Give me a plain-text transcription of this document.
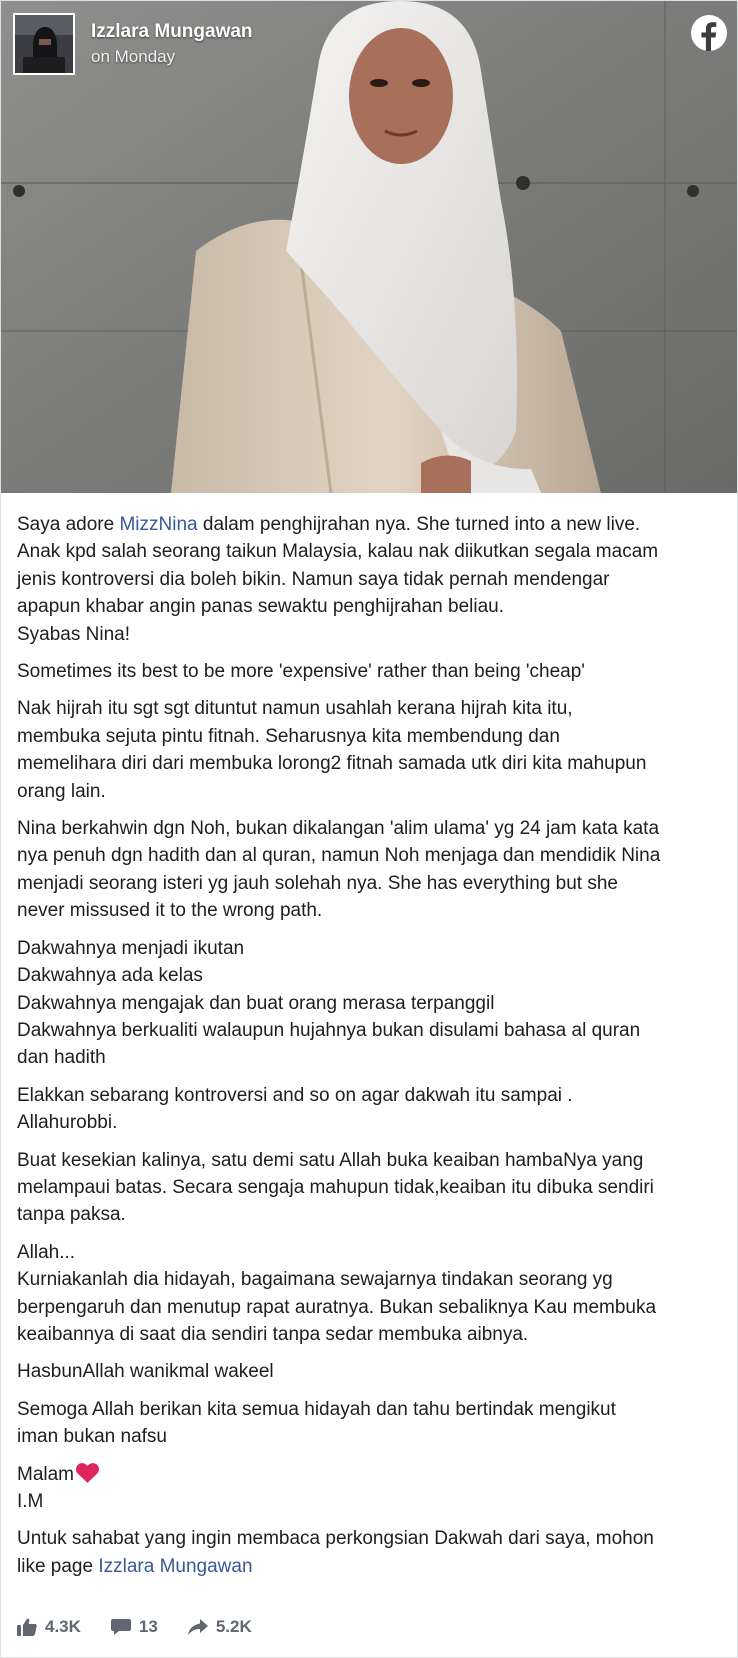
Izzlara Mungawan
on Monday

Saya adore MizzNina dalam penghijrahan nya. She turned into a new live.
Anak kpd salah seorang taikun Malaysia, kalau nak diikutkan segala macam
jenis kontroversi dia boleh bikin. Namun saya tidak pernah mendengar
apapun khabar angin panas sewaktu penghijrahan beliau.
Syabas Nina!

Sometimes its best to be more 'expensive' rather than being 'cheap'

Nak hijrah itu sgt sgt dituntut namun usahlah kerana hijrah kita itu,
membuka sejuta pintu fitnah. Seharusnya kita membendung dan
memelihara diri dari membuka lorong2 fitnah samada utk diri kita mahupun
orang lain.

Nina berkahwin dgn Noh, bukan dikalangan 'alim ulama' yg 24 jam kata kata
nya penuh dgn hadith dan al quran, namun Noh menjaga dan mendidik Nina
menjadi seorang isteri yg jauh solehah nya. She has everything but she
never missused it to the wrong path.

Dakwahnya menjadi ikutan
Dakwahnya ada kelas
Dakwahnya mengajak dan buat orang merasa terpanggil
Dakwahnya berkualiti walaupun hujahnya bukan disulami bahasa al quran
dan hadith

Elakkan sebarang kontroversi and so on agar dakwah itu sampai .
Allahurobbi.

Buat kesekian kalinya, satu demi satu Allah buka keaiban hambaNya yang
melampaui batas. Secara sengaja mahupun tidak,keaiban itu dibuka sendiri
tanpa paksa.

Allah...
Kurniakanlah dia hidayah, bagaimana sewajarnya tindakan seorang yg
berpengaruh dan menutup rapat auratnya. Bukan sebaliknya Kau membuka
keaibannya di saat dia sendiri tanpa sedar membuka aibnya.

HasbunAllah wanikmal wakeel

Semoga Allah berikan kita semua hidayah dan tahu bertindak mengikut
iman bukan nafsu

Malam
I.M

Untuk sahabat yang ingin membaca perkongsian Dakwah dari saya, mohon
like page Izzlara Mungawan

4.3K	13	5.2K
